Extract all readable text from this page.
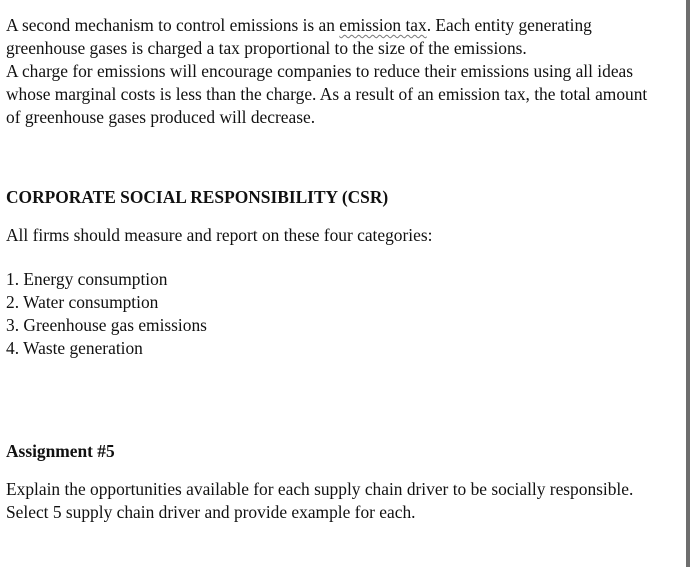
A second mechanism to control emissions is an emission tax. Each entity generating
greenhouse gases is charged a tax proportional to the size of the emissions.
A charge for emissions will encourage companies to reduce their emissions using all ideas
whose marginal costs is less than the charge. As a result of an emission tax, the total amount
of greenhouse gases produced will decrease.
CORPORATE SOCIAL RESPONSIBILITY (CSR)
All firms should measure and report on these four categories:
1. Energy consumption
2. Water consumption
3. Greenhouse gas emissions
4. Waste generation
Assignment #5
Explain the opportunities available for each supply chain driver to be socially responsible.
Select 5 supply chain driver and provide example for each.
